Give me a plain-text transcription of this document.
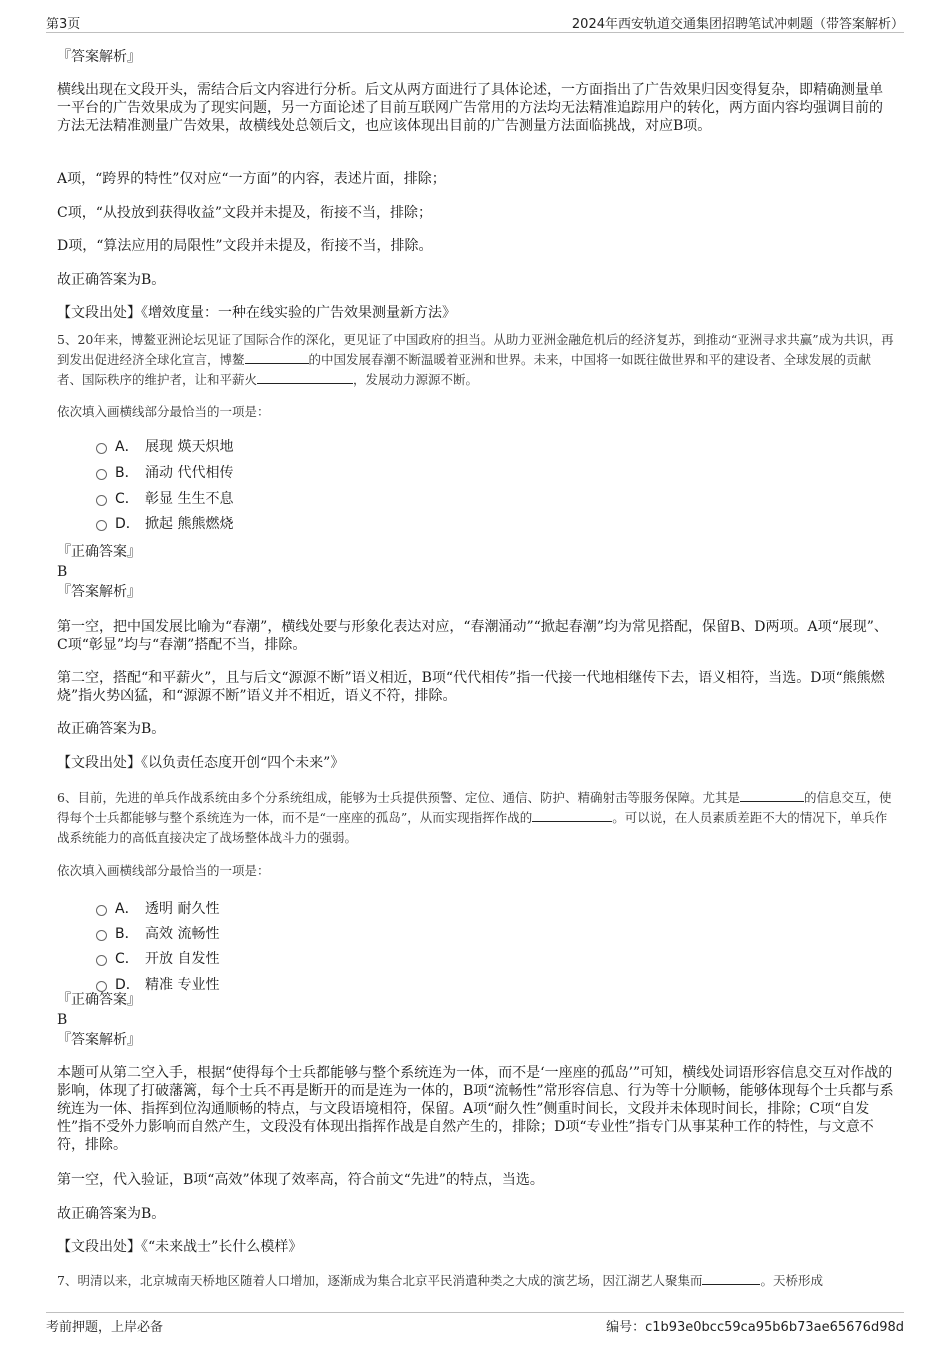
第3页	2024年西安轨道交通集团招聘笔试冲刺题（带答案解析）
『答案解析』

横线出现在文段开头，需结合后文内容进行分析。后文从两方面进行了具体论述，一方面指出了广告效果归因变得复杂，即精确测量单一平台的广告效果成为了现实问题，另一方面论述了目前互联网广告常用的方法均无法精准追踪用户的转化，两方面内容均强调目前的方法无法精准测量广告效果，故横线处总领后文，也应该体现出目前的广告测量方法面临挑战，对应B项。

A项，“跨界的特性”仅对应“一方面”的内容，表述片面，排除；

C项，“从投放到获得收益”文段并未提及，衔接不当，排除；

D项，“算法应用的局限性”文段并未提及，衔接不当，排除。

故正确答案为B。

【文段出处】《增效度量：一种在线实验的广告效果测量新方法》

5、20年来，博鳌亚洲论坛见证了国际合作的深化，更见证了中国政府的担当。从助力亚洲金融危机后的经济复苏，到推动“亚洲寻求共赢”成为共识，再到发出促进经济全球化宣言，博鳌	的中国发展春潮不断温暖着亚洲和世界。未来，中国将一如既往做世界和平的建设者、全球发展的贡献者、国际秩序的维护者，让和平薪火	，发展动力源源不断。

依次填入画横线部分最恰当的一项是：

A． 展现 煐天炽地
B． 涌动 代代相传
C． 彰显 生生不息
D． 掀起 熊熊燃烧
『正确答案』
B
『答案解析』

第一空，把中国发展比喻为“春潮”，横线处要与形象化表达对应，“春潮涌动”“掀起春潮”均为常见搭配，保留B、D两项。A项“展现”、C项“彰显”均与“春潮”搭配不当，排除。

第二空，搭配“和平薪火”，且与后文“源源不断”语义相近，B项“代代相传”指一代接一代地相继传下去，语义相符，当选。D项“熊熊燃烧”指火势凶猛，和“源源不断”语义并不相近，语义不符，排除。

故正确答案为B。

【文段出处】《以负责任态度开创“四个未来”》

6、目前，先进的单兵作战系统由多个分系统组成，能够为士兵提供预警、定位、通信、防护、精确射击等服务保障。尤其是	的信息交互，使得每个士兵都能够与整个系统连为一体，而不是“一座座的孤岛”，从而实现指挥作战的	。可以说，在人员素质差距不大的情况下，单兵作战系统能力的高低直接决定了战场整体战斗力的强弱。

依次填入画横线部分最恰当的一项是：

A． 透明 耐久性
B． 高效 流畅性
C． 开放 自发性
D． 精准 专业性
『正确答案』
B
『答案解析』

本题可从第二空入手，根据“使得每个士兵都能够与整个系统连为一体，而不是‘一座座的孤岛’”可知，横线处词语形容信息交互对作战的影响，体现了打破藩篱，每个士兵不再是断开的而是连为一体的，B项“流畅性”常形容信息、行为等十分顺畅，能够体现每个士兵都与系统连为一体、指挥到位沟通顺畅的特点，与文段语境相符，保留。A项“耐久性”侧重时间长，文段并未体现时间长，排除；C项“自发性”指不受外力影响而自然产生，文段没有体现出指挥作战是自然产生的，排除；D项“专业性”指专门从事某种工作的特性，与文意不符，排除。

第一空，代入验证，B项“高效”体现了效率高，符合前文“先进”的特点，当选。

故正确答案为B。

【文段出处】《“未来战士”长什么模样》

7、明清以来，北京城南天桥地区随着人口增加，逐渐成为集合北京平民消遣种类之大成的演艺场，因江湖艺人聚集而	。天桥形成

考前押题，上岸必备	编号：c1b93e0bcc59ca95b6b73ae65676d98d
